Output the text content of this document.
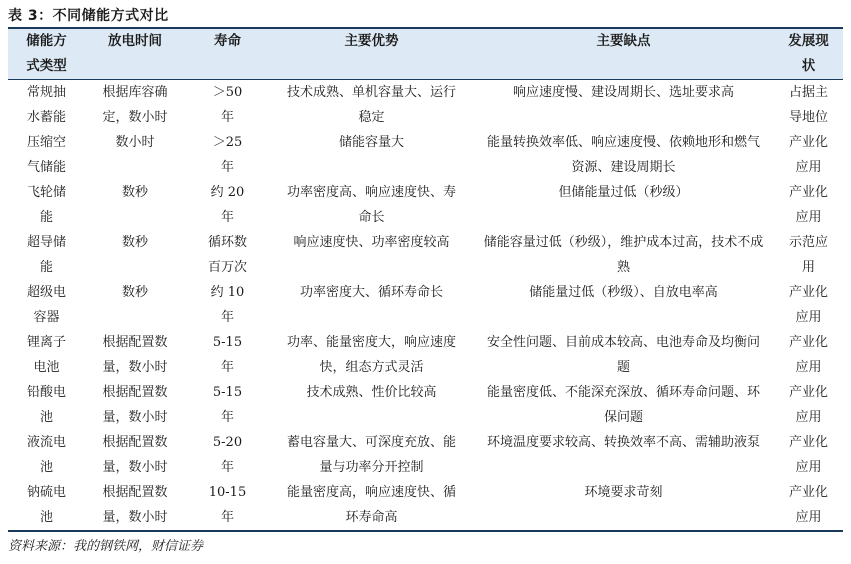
表 3：不同储能方式对比
储能方式类型	放电时间	寿命	主要优势	主要缺点	发展现状
常规抽水蓄能	根据库容确定，数小时	＞50 年	技术成熟、单机容量大、运行稳定	响应速度慢、建设周期长、选址要求高	占据主导地位
压缩空气储能	数小时	＞25 年	储能容量大	能量转换效率低、响应速度慢、依赖地形和燃气资源、建设周期长	产业化应用
飞轮储能	数秒	约 20 年	功率密度高、响应速度快、寿命长	但储能量过低（秒级）	产业化应用
超导储能	数秒	循环数百万次	响应速度快、功率密度较高	储能容量过低（秒级），维护成本过高，技术不成熟	示范应用
超级电容器	数秒	约 10 年	功率密度大、循环寿命长	储能量过低（秒级）、自放电率高	产业化应用
锂离子电池	根据配置数量，数小时	5-15 年	功率、能量密度大，响应速度快，组态方式灵活	安全性问题、目前成本较高、电池寿命及均衡问题	产业化应用
铅酸电池	根据配置数量，数小时	5-15 年	技术成熟、性价比较高	能量密度低、不能深充深放、循环寿命问题、环保问题	产业化应用
液流电池	根据配置数量，数小时	5-20 年	蓄电容量大、可深度充放、能量与功率分开控制	环境温度要求较高、转换效率不高、需辅助液泵	产业化应用
钠硫电池	根据配置数量，数小时	10-15 年	能量密度高，响应速度快、循环寿命高	环境要求苛刻	产业化应用
资料来源：我的钢铁网，财信证券
